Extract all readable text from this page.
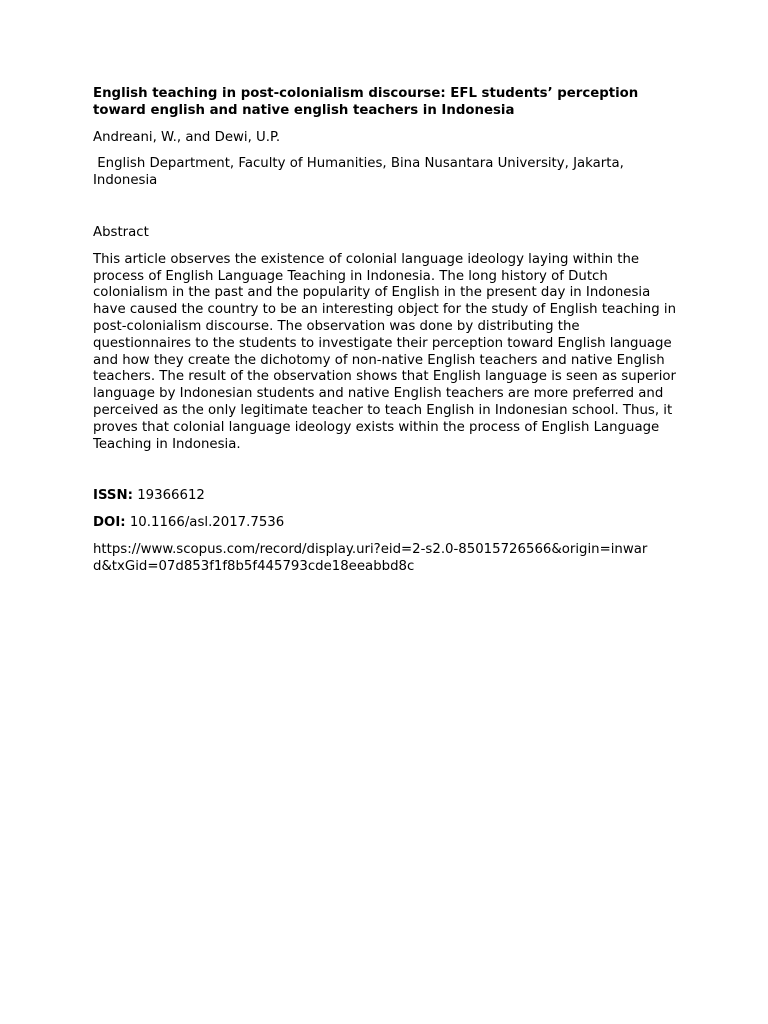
English teaching in post-colonialism discourse: EFL students’ perception toward english and native english teachers in Indonesia
Andreani, W., and Dewi, U.P.
English Department, Faculty of Humanities, Bina Nusantara University, Jakarta, Indonesia
Abstract
This article observes the existence of colonial language ideology laying within the process of English Language Teaching in Indonesia. The long history of Dutch colonialism in the past and the popularity of English in the present day in Indonesia have caused the country to be an interesting object for the study of English teaching in post-colonialism discourse. The observation was done by distributing the questionnaires to the students to investigate their perception toward English language and how they create the dichotomy of non-native English teachers and native English teachers. The result of the observation shows that English language is seen as superior language by Indonesian students and native English teachers are more preferred and perceived as the only legitimate teacher to teach English in Indonesian school. Thus, it proves that colonial language ideology exists within the process of English Language Teaching in Indonesia.
ISSN: 19366612
DOI: 10.1166/asl.2017.7536
https://www.scopus.com/record/display.uri?eid=2-s2.0-85015726566&origin=inward&txGid=07d853f1f8b5f445793cde18eeabbd8c
